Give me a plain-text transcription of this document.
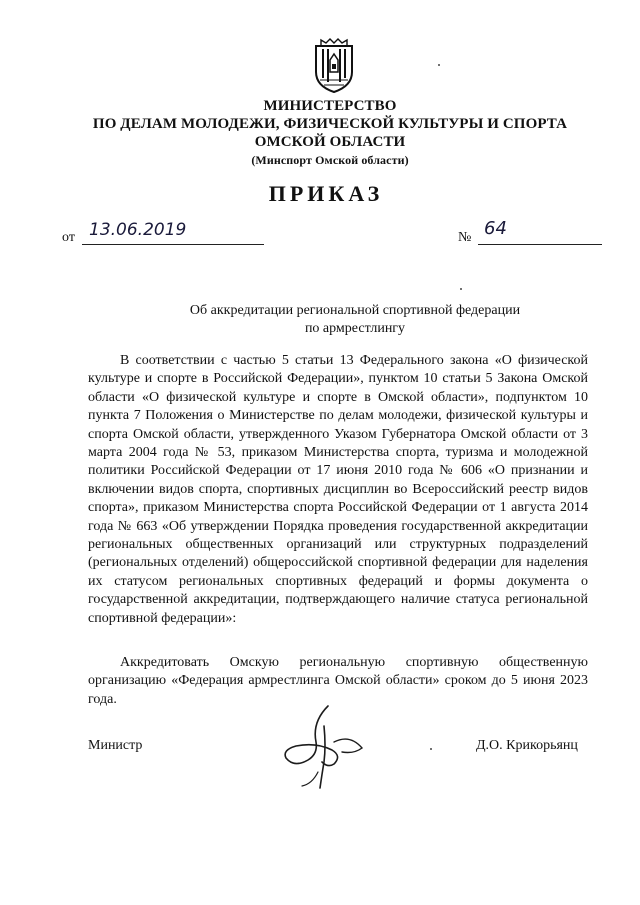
МИНИСТЕРСТВО
ПО ДЕЛАМ МОЛОДЕЖИ, ФИЗИЧЕСКОЙ КУЛЬТУРЫ И СПОРТА
ОМСКОЙ ОБЛАСТИ
(Минспорт Омской области)
ПРИКАЗ
от 13.06.2019	№ 64
Об аккредитации региональной спортивной федерации
по армрестлингу
В соответствии с частью 5 статьи 13 Федерального закона «О физической культуре и спорте в Российской Федерации», пунктом 10 статьи 5 Закона Омской области «О физической культуре и спорте в Омской области», подпунктом 10 пункта 7 Положения о Министерстве по делам молодежи, физической культуры и спорта Омской области, утвержденного Указом Губернатора Омской области от 3 марта 2004 года № 53, приказом Министерства спорта, туризма и молодежной политики Российской Федерации от 17 июня 2010 года № 606 «О признании и включении видов спорта, спортивных дисциплин во Всероссийский реестр видов спорта», приказом Министерства спорта Российской Федерации от 1 августа 2014 года № 663 «Об утверждении Порядка проведения государственной аккредитации региональных общественных организаций или структурных подразделений (региональных отделений) общероссийской спортивной федерации для наделения их статусом региональных спортивных федераций и формы документа о государственной аккредитации, подтверждающего наличие статуса региональной спортивной федерации»:
Аккредитовать Омскую региональную спортивную общественную организацию «Федерация армрестлинга Омской области» сроком до 5 июня 2023 года.
Министр	Д.О. Крикорьянц
